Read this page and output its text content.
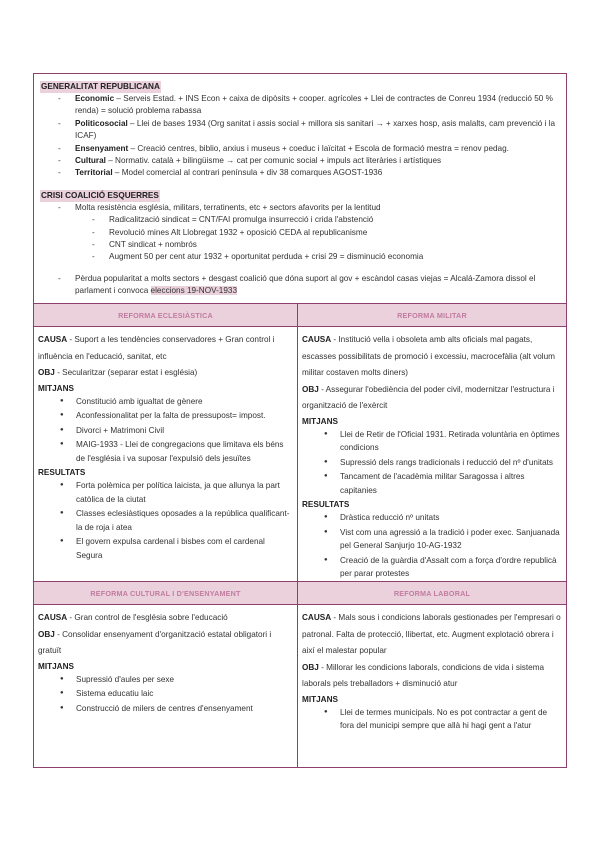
GENERALITAT REPUBLICANA
- Economic – Serveis Estad. + INS Econ + caixa de dipòsits + cooper. agrícoles + Llei de contractes de Conreu 1934 (reducció 50 % renda) = solució problema rabassa
- Politicosocial – Llei de bases 1934 (Org sanitat i assis social + millora sis sanitari → + xarxes hosp, asis malalts, cam prevenció i la ICAF)
- Ensenyament – Creació centres, biblio, arxius i museus + coeduc i laïcitat + Escola de formació mestra = renov pedag.
- Cultural – Normativ. català + bilingüisme → cat per comunic social + impuls act literàries i artístiques
- Territorial – Model comercial al contrari península + div 38 comarques AGOST-1936
CRISI COALICIÓ ESQUERRES
- Molta resistència església, militars, terratinents, etc + sectors afavorits per la lentitud
- Radicalització sindicat = CNT/FAI promulga insurrecció i crida l'abstenció
- Revolució mines Alt Llobregat 1932 + oposició CEDA al republicanisme
- CNT sindicat + nombrós
- Augment 50 per cent atur 1932 + oportunitat perduda + crisi 29 = disminució economia
- Pèrdua popularitat a molts sectors + desgast coalició que dóna suport al gov + escàndol casas viejas = Alcalá-Zamora dissol el parlament i convoca eleccions 19-NOV-1933
REFORMA ECLESIÀSTICA

CAUSA - Suport a les tendències conservadores + Gran control i influència en l'educació, sanitat, etc

OBJ - Secularitzar (separar estat i església)

MITJANS
● Constitució amb igualtat de gènere
● Aconfessionalitat per la falta de pressupost= impost.
● Divorci + Matrimoni Civil
● MAIG-1933 - Llei de congregacions que limitava els béns de l'església i va suposar l'expulsió dels jesuïtes
RESULTATS
● Forta polèmica per política laicista, ja que allunya la part catòlica de la ciutat
● Classes eclesiàstiques oposades a la república qualificant-la de roja i atea
● El govern expulsa cardenal i bisbes com el cardenal Segura
REFORMA MILITAR

CAUSA - Institució vella i obsoleta amb alts oficials mal pagats, escasses possibilitats de promoció i excessiu, macrocefàlia (alt volum militar costaven molts diners)

OBJ - Assegurar l'obediència del poder civil, modernitzar l'estructura i organització de l'exèrcit

MITJANS
● Llei de Retir de l'Oficial 1931. Retirada voluntària en òptimes condicions
● Supressió dels rangs tradicionals i reducció del nº d'unitats
● Tancament de l'acadèmia militar Saragossa i altres capitanies
RESULTATS
● Dràstica reducció nº unitats
● Vist com una agressió a la tradició i poder exec. Sanjuanada pel General Sanjurjo 10-AG-1932
● Creació de la guàrdia d'Assalt com a força d'ordre republicà per parar protestes
REFORMA CULTURAL I D'ENSENYAMENT

CAUSA - Gran control de l'església sobre l'educació

OBJ - Consolidar ensenyament d'organització estatal obligatori i gratuït

MITJANS
● Supressió d'aules per sexe
● Sistema educatiu laic
● Construcció de milers de centres d'ensenyament
REFORMA LABORAL

CAUSA - Mals sous i condicions laborals gestionades per l'empresari o patronal. Falta de protecció, llibertat, etc. Augment explotació obrera i així el malestar popular

OBJ - Millorar les condicions laborals, condicions de vida i sistema laborals pels treballadors + disminució atur

MITJANS
● Llei de termes municipals. No es pot contractar a gent de fora del municipi sempre que allà hi hagi gent a l'atur
